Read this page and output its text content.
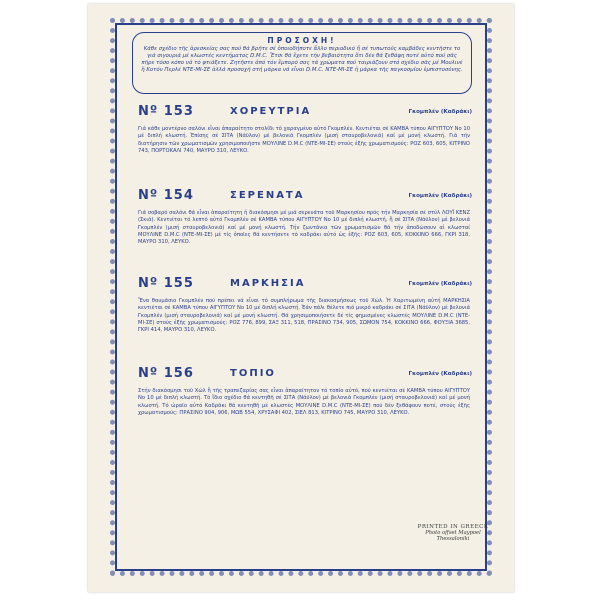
ΠΡΟΣΟΧΗ!
Κάθε σχέδιο τῆς ἀρεσκείας σας πού θά βρῆτε σέ ὁποιοδήποτε ἄλλο περιοδικό ἤ σέ τυπωτούς καμβάδες κεντῆστε το γιά σιγουριά μέ κλωστές κεντήματος D.M.C. Ἔτσι θά ἔχετε τήν βεβαιότητα ὅτι δέν θά ξεθάψη ποτέ αὐτό πού σᾶς πῆρε τόσο κόπο νά τό φτιάξετε. Ζητῆστε ἀπό τόν ἔμπορό σας τά χρώματα πού ταιριάζουν στό σχέδιο σᾶς μέ Μουλινέ ἤ Κοτόν Περλέ ΝΤΕ-ΜΙ-ΣΕ ἀλλά προσοχή στή μάρκα νά εἶναι D.M.C. ΝΤΕ-ΜΙ-ΣΕ ἡ μάρκα τῆς παγκοσμίου ἐμπιστοσύνης.
Nº 153	ΧΟΡΕΥΤΡΙΑ	Γκομπλέν (Καδράκι)
Γιά κάθε μοντέρνο σαλόνι εἶναι ἀπαραίτητο στολίδι τό χαραγμένο αὐτό Γκομπλέν. Κεντιέται σέ ΚΑΜΒΑ τύπου ΑΙΓΥΠΤΟΥ Νο 10 μέ διπλή κλωστή. Ἐπίσης σέ ΣΙΤΑ (Νάϋλον) μέ βελονιά Γκομπλέν (μισή σταυροβελονιά) καί μέ μονή κλωστή. Γιά τήν διατήρησιν τῶν χρωματισμῶν χρησιμοποιῆστε ΜΟΥΛΙΝΕ D.M.C (ΝΤΕ-ΜΙ-ΣΕ) στούς ἐξῆς χρωματισμούς: ΡΟΖ 603, 605, ΚΙΤΡΙΝΟ 743, ΠΟΡΤΟΚΑΛΙ 740, ΜΑΥΡΟ 310, ΛΕΥΚΟ.
Nº 154	ΣΕΡΕΝΑΤΑ	Γκομπλέν (Καδράκι)
Γιά σοβαρό σαλόνι θά εἶναι ἀπαραίτητη ἡ διακόσμησι μέ μιά σερενάτα τοῦ Μαρκησίου πρός τήν Μαρκησία σέ στύλ ΛΟΥΪ ΚΕΝΖ (Σκιά). Κεντιέται τό λεπτό αὐτό Γκομπλέν σέ ΚΑΜΒΑ τύπου ΑΙΓΥΠΤΟΥ Νο 10 μέ διπλή κλωστή, ἤ σέ ΣΙΤΑ (Νάϋλον) μέ βελονιά Γκομπλέν (μισή σταυροβελονιά) καί μέ μονή κλωστή. Τήν ζωντάνια τῶν χρωματισμῶν θά τήν ἀποδώσουν αἱ κλωσταί ΜΟΥΛΙΝΕ D.M.C (ΝΤΕ-ΜΙ-ΣΕ) μέ τίς ὁποῖες θά κεντήσετε τό καδράκι αὐτό ὡς ἐξῆς: ΡΟΖ 603, 605, ΚΟΚΚΙΝΟ 666, ΓΚΡΙ 318, ΜΑΥΡΟ 310, ΛΕΥΚΟ.
Nº 155	ΜΑΡΚΗΣΙΑ	Γκομπλέν (Καδράκι)
Ἕνα θαυμάσιο Γκομπλέν πού πρέπει νά εἶναι τό συμπλήρωμα τῆς διακοσμήσεως τοῦ Χώλ. Ἡ Χαριτωμένη αὐτή ΜΑΡΚΗΣΙΑ κεντιέται σέ ΚΑΜΒΑ τύπου ΑΙΓΥΠΤΟΥ Νο 10 μέ διπλή κλωστή. Ἐάν πάλι θέλετε πιό μικρό καδράκι σέ ΣΙΤΑ (Νάϋλον) μέ βελονιά Γκομπλέν (μισή σταυροβελονιά) καί μέ μονή κλωστή. Θά χρησιμοποιήσετε δέ τίς φημισμένες κλωστές ΜΟΥΛΙΝΕ D.M.C (ΝΤΕ-ΜΙ-ΣΕ) στούς ἐξῆς χρωματισμούς: ΡΟΖ 776, 899, ΣΑΞ 311, 518, ΠΡΑΣΙΝΟ 734, 905, ΣΩΜΟΝ 754, ΚΟΚΚΙΝΟ 666, ΦΟΥΞΙΑ 3685, ΓΚΡΙ 414, ΜΑΥΡΟ 310, ΛΕΥΚΟ.
Nº 156	ΤΟΠΙΟ	Γκομπλέν (Καδράκι)
Στήν διακόσμησι τοῦ Χώλ ἤ τῆς τραπεζαρίας σας εἶναι ἀπαραίτητον τό τοπίο αὐτό, πού κεντιέται σέ ΚΑΜΒΑ τύπου ΑΙΓΥΠΤΟΥ Νο 10 μέ διπλή κλωστή. Τό ἴδιο σχέδιο θά κεντηθῆ σέ ΣΙΤΑ (Νάϋλον) μέ βελονιά Γκομπλέν (μισή σταυροβελονιά) καί μέ μονή κλωστή. Τό ὡραῖο αὐτό Καδράκι θά κεντηθῆ μέ κλωστές ΜΟΥΛΙΝΕ D.M.C (ΝΤΕ-ΜΙ-ΣΕ) πού δέν ξεθάφουν ποτέ, στούς ἐξῆς χρωματισμούς: ΠΡΑΣΙΝΟ 904, 906, ΜΩΒ 554, ΧΡΥΣΑΦΙ 402, ΣΙΕΛ 813, ΚΙΤΡΙΝΟ 745, ΜΑΥΡΟ 310, ΛΕΥΚΟ.
PRINTED IN GREECE
Photo offset Maypoel
Thessaloniki
